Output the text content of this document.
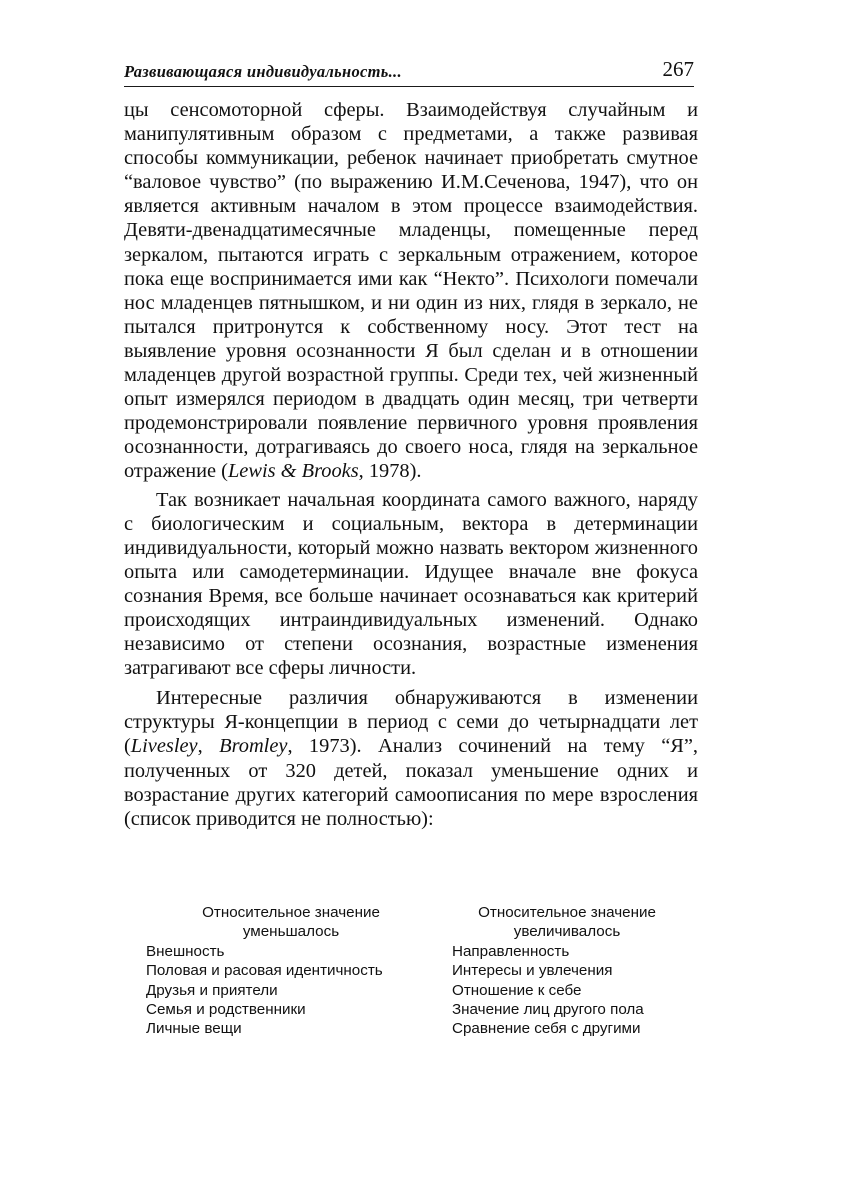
Развивающаяся индивидуальность...	267

цы сенсомоторной сферы. Взаимодействуя случайным и манипулятивным образом с предметами, а также развивая способы коммуникации, ребенок начинает приобретать смутное “валовое чувство” (по выражению И.М.Сеченова, 1947), что он является активным началом в этом процессе взаимодействия. Девяти-двенадцатимесячные младенцы, помещенные перед зеркалом, пытаются играть с зеркальным отражением, которое пока еще воспринимается ими как “Некто”. Психологи помечали нос младенцев пятнышком, и ни один из них, глядя в зеркало, не пытался притронутся к собственному носу. Этот тест на выявление уровня осознанности Я был сделан и в отношении младенцев другой возрастной группы. Среди тех, чей жизненный опыт измерялся периодом в двадцать один месяц, три четверти продемонстрировали появление первичного уровня проявления осознанности, дотрагиваясь до своего носа, глядя на зеркальное отражение (Lewis & Brooks, 1978).

Так возникает начальная координата самого важного, наряду с биологическим и социальным, вектора в детерминации индивидуальности, который можно назвать вектором жизненного опыта или самодетерминации. Идущее вначале вне фокуса сознания Время, все больше начинает осознаваться как критерий происходящих интраиндивидуальных изменений. Однако независимо от степени осознания, возрастные изменения затрагивают все сферы личности.

Интересные различия обнаруживаются в изменении структуры Я-концепции в период с семи до четырнадцати лет (Livesley, Bromley, 1973). Анализ сочинений на тему “Я”, полученных от 320 детей, показал уменьшение одних и возрастание других категорий самоописания по мере взросления (список приводится не полностью):

Относительное значение
уменьшалось
Внешность
Половая и расовая идентичность
Друзья и приятели
Семья и родственники
Личные вещи
Относительное значение
увеличивалось
Направленность
Интересы и увлечения
Отношение к себе
Значение лиц другого пола
Сравнение себя с другими
